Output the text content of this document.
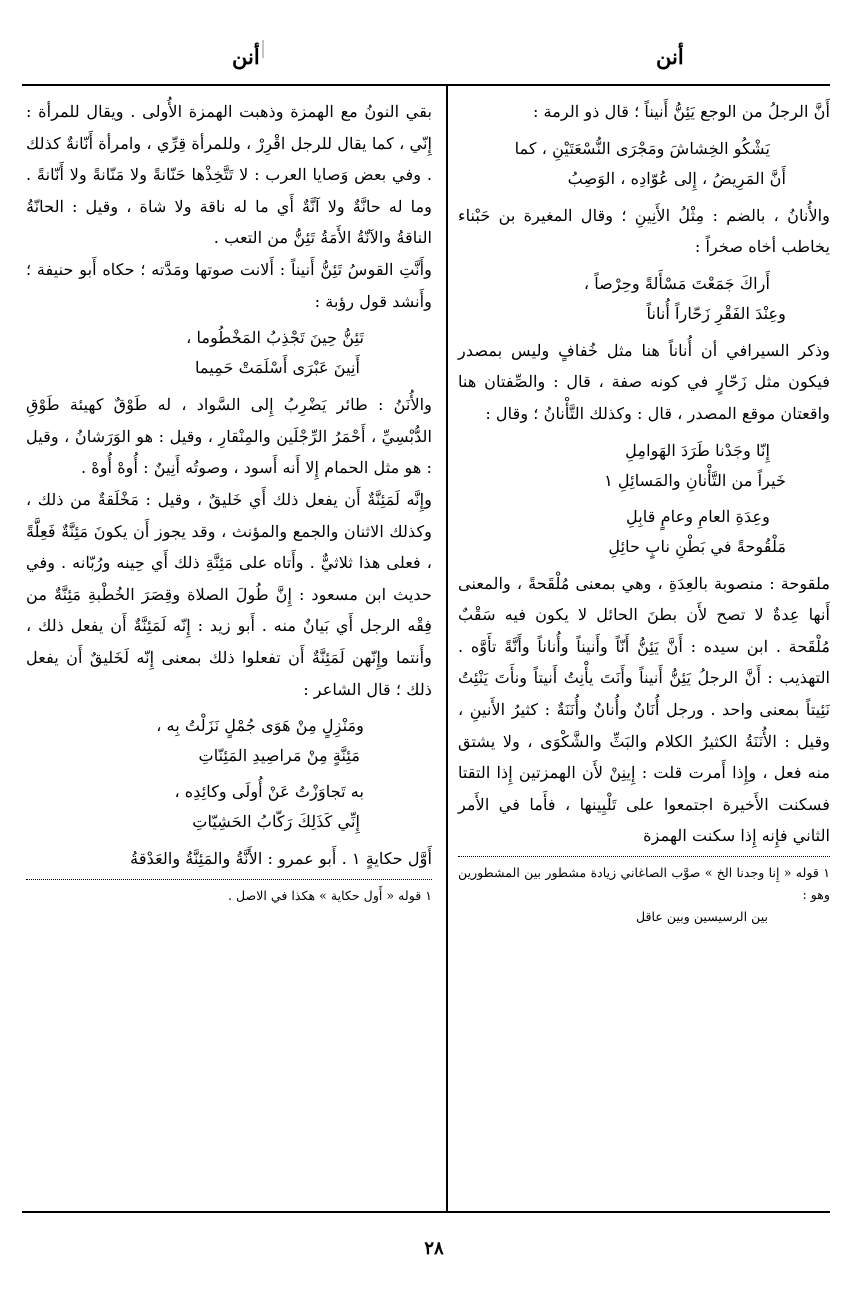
أنن
أنن

أَنَّ الرجلُ من الوجع يَئِنُّ أَنيناً ؛ قال ذو الرمة :

يَشْكُو الخِشاشَ ومَجْرَى النُّسْعَتَيْنِ ، كما
أَنَّ المَرِيضُ ، إِلى عُوّادِه ، الوَصِبُ

والأُنانُ ، بالضم : مِثْلُ الأَنِينِ ؛ وقال المغيرة بن حَبْناء يخاطب أخاه صخراً :

أَراكَ جَمَعْتَ مَسْأَلةً وحِرْصاً ،
وعِنْدَ الفَقْرِ زَحّاراً أُناناً

وذكر السيرافي أن أُناناً هنا مثل خُفافٍ وليس بمصدر فيكون مثل زَحّارٍ في كونه صفة ، قال : والصِّفتان هنا واقعتان موقع المصدر ، قال : وكذلك التَّأْنانُ ؛ وقال :

إِنّا وجَدْنا طَرَدَ الهَوامِلِ
خَيراً من التَّأْنانِ والمَسائِلِ ١
وعِدَةِ العامِ وعامٍ قابِلِ
مَلْقُوحةً في بَطْنِ نابٍ حائِلِ

ملقوحة : منصوبة بالعِدَةِ ، وهي بمعنى مُلْقَحةً ، والمعنى أَنها عِدةٌ لا تصح لأَن بطنَ الحائل لا يكون فيه سَقْبٌ مُلْقَحة . ابن سيده : أَنَّ يَئِنُّ أَنّاً وأَنيناً وأُناناً وأَنَّةً تأَوَّه . التهذيب : أَنَّ الرجلُ يَئِنُّ أَنيناً وأَنَتَ يأْنِتُ أَنيتاً ونأَتَ يَنْئِتُ نَئِيتاً بمعنى واحد . ورجل أُنَانٌ وأُنانٌ وأُنَنَةٌ : كثيرُ الأَنينِ ، وقيل : الأُنَنَةُ الكثيرُ الكلام والبَثِّ والشَّكْوَى ، ولا يشتق منه فعل ، وإِذا أَمرت قلت : إِينِنْ لأَن الهمزتين إِذا التقتا فسكنت الأَخيرة اجتمعوا على تَلْيِينها ، فأَما في الأَمر الثاني فإِنه إِذا سكنت الهمزة

١ قوله « إِنا وجدنا الخ » صوَّب الصاغاني زيادة مشطور بين المشطورين وهو :
بين الرسيسين وبين عاقل

بقي النونُ مع الهمزة وذهبت الهمزة الأُولى . ويقال للمرأة : إِنّي ، كما يقال للرجل اقْرِرْ ، وللمرأة قِرِّي ، وامرأة أَنّانةٌ كذلك . وفي بعض وَصايا العرب : لا تَتَّخِذْها حَنّانةً ولا مَنّانةً ولا أَنّانةً . وما له حانَّةٌ ولا آنَّةٌ أَي ما له ناقة ولا شاة ، وقيل : الحانّةُ الناقةُ والآنّةُ الأَمَةُ تَئِنُّ من التعب .

وأَنَّتِ القوسُ تَئِنُّ أَنيناً : أَلانت صوتها ومَدَّته ؛ حكاه أَبو حنيفة ؛ وأَنشد قول رؤبة :

تَئِنُّ حِينَ تَجْذِبُ المَخْطُوما ،
أَنِينَ عَبْرَى أَسْلَمَتْ حَمِيما

والأُنَنُ : طائر يَضْرِبُ إِلى السَّواد ، له طَوْقٌ كهيئة طَوْقِ الدُّبْسِيِّ ، أَحْمَرُ الرِّجْلَين والمِنْقارِ ، وقيل : هو الوَرَشانُ ، وقيل : هو مثل الحمام إِلا أَنه أَسود ، وصوتُه أَنِينٌ : أُوهْ أُوهْ .

وإِنَّه لَمَئِنَّةٌ أَن يفعل ذلك أَي خَليقٌ ، وقيل : مَخْلَقةٌ من ذلك ، وكذلك الاثنان والجمع والمؤنث ، وقد يجوز أَن يكونَ مَئِنَّةٌ فَعِلَّةً ، فعلى هذا ثلاثيٌّ . وأَتاه على مَئِنَّةِ ذلك أَي حِينه ورُبّانه . وفي حديث ابن مسعود : إِنَّ طُولَ الصلاة وقِصَرَ الخُطْبةِ مَئِنَّةٌ من فِقْه الرجل أَي بَيانٌ منه . أَبو زيد : إِنّه لَمَئِنَّةٌ أَن يفعل ذلك ، وأَنتما وإِنّهن لَمَئِنَّةٌ أَن تفعلوا ذلك بمعنى إِنّه لَخَليقٌ أَن يفعل ذلك ؛ قال الشاعر :

ومَنْزِلٍ مِنْ هَوَى جُمْلٍ نَزَلْتُ بِه ،
مَئِنَّةٍ مِنْ مَراصِيدِ المَئِنّاتِ
به تَجاوَزْتُ عَنْ أُولَى وكائِدِه ،
إِنِّي كَذَلِكَ رَكّابُ الحَشِيّاتِ

أَوَّل حكايةٍ ١ . أَبو عمرو : الأَنَّةُ والمَئِنَّةُ والعَدْقةُ

١ قوله « أَول حكاية » هكذا في الاصل .
٢٨
